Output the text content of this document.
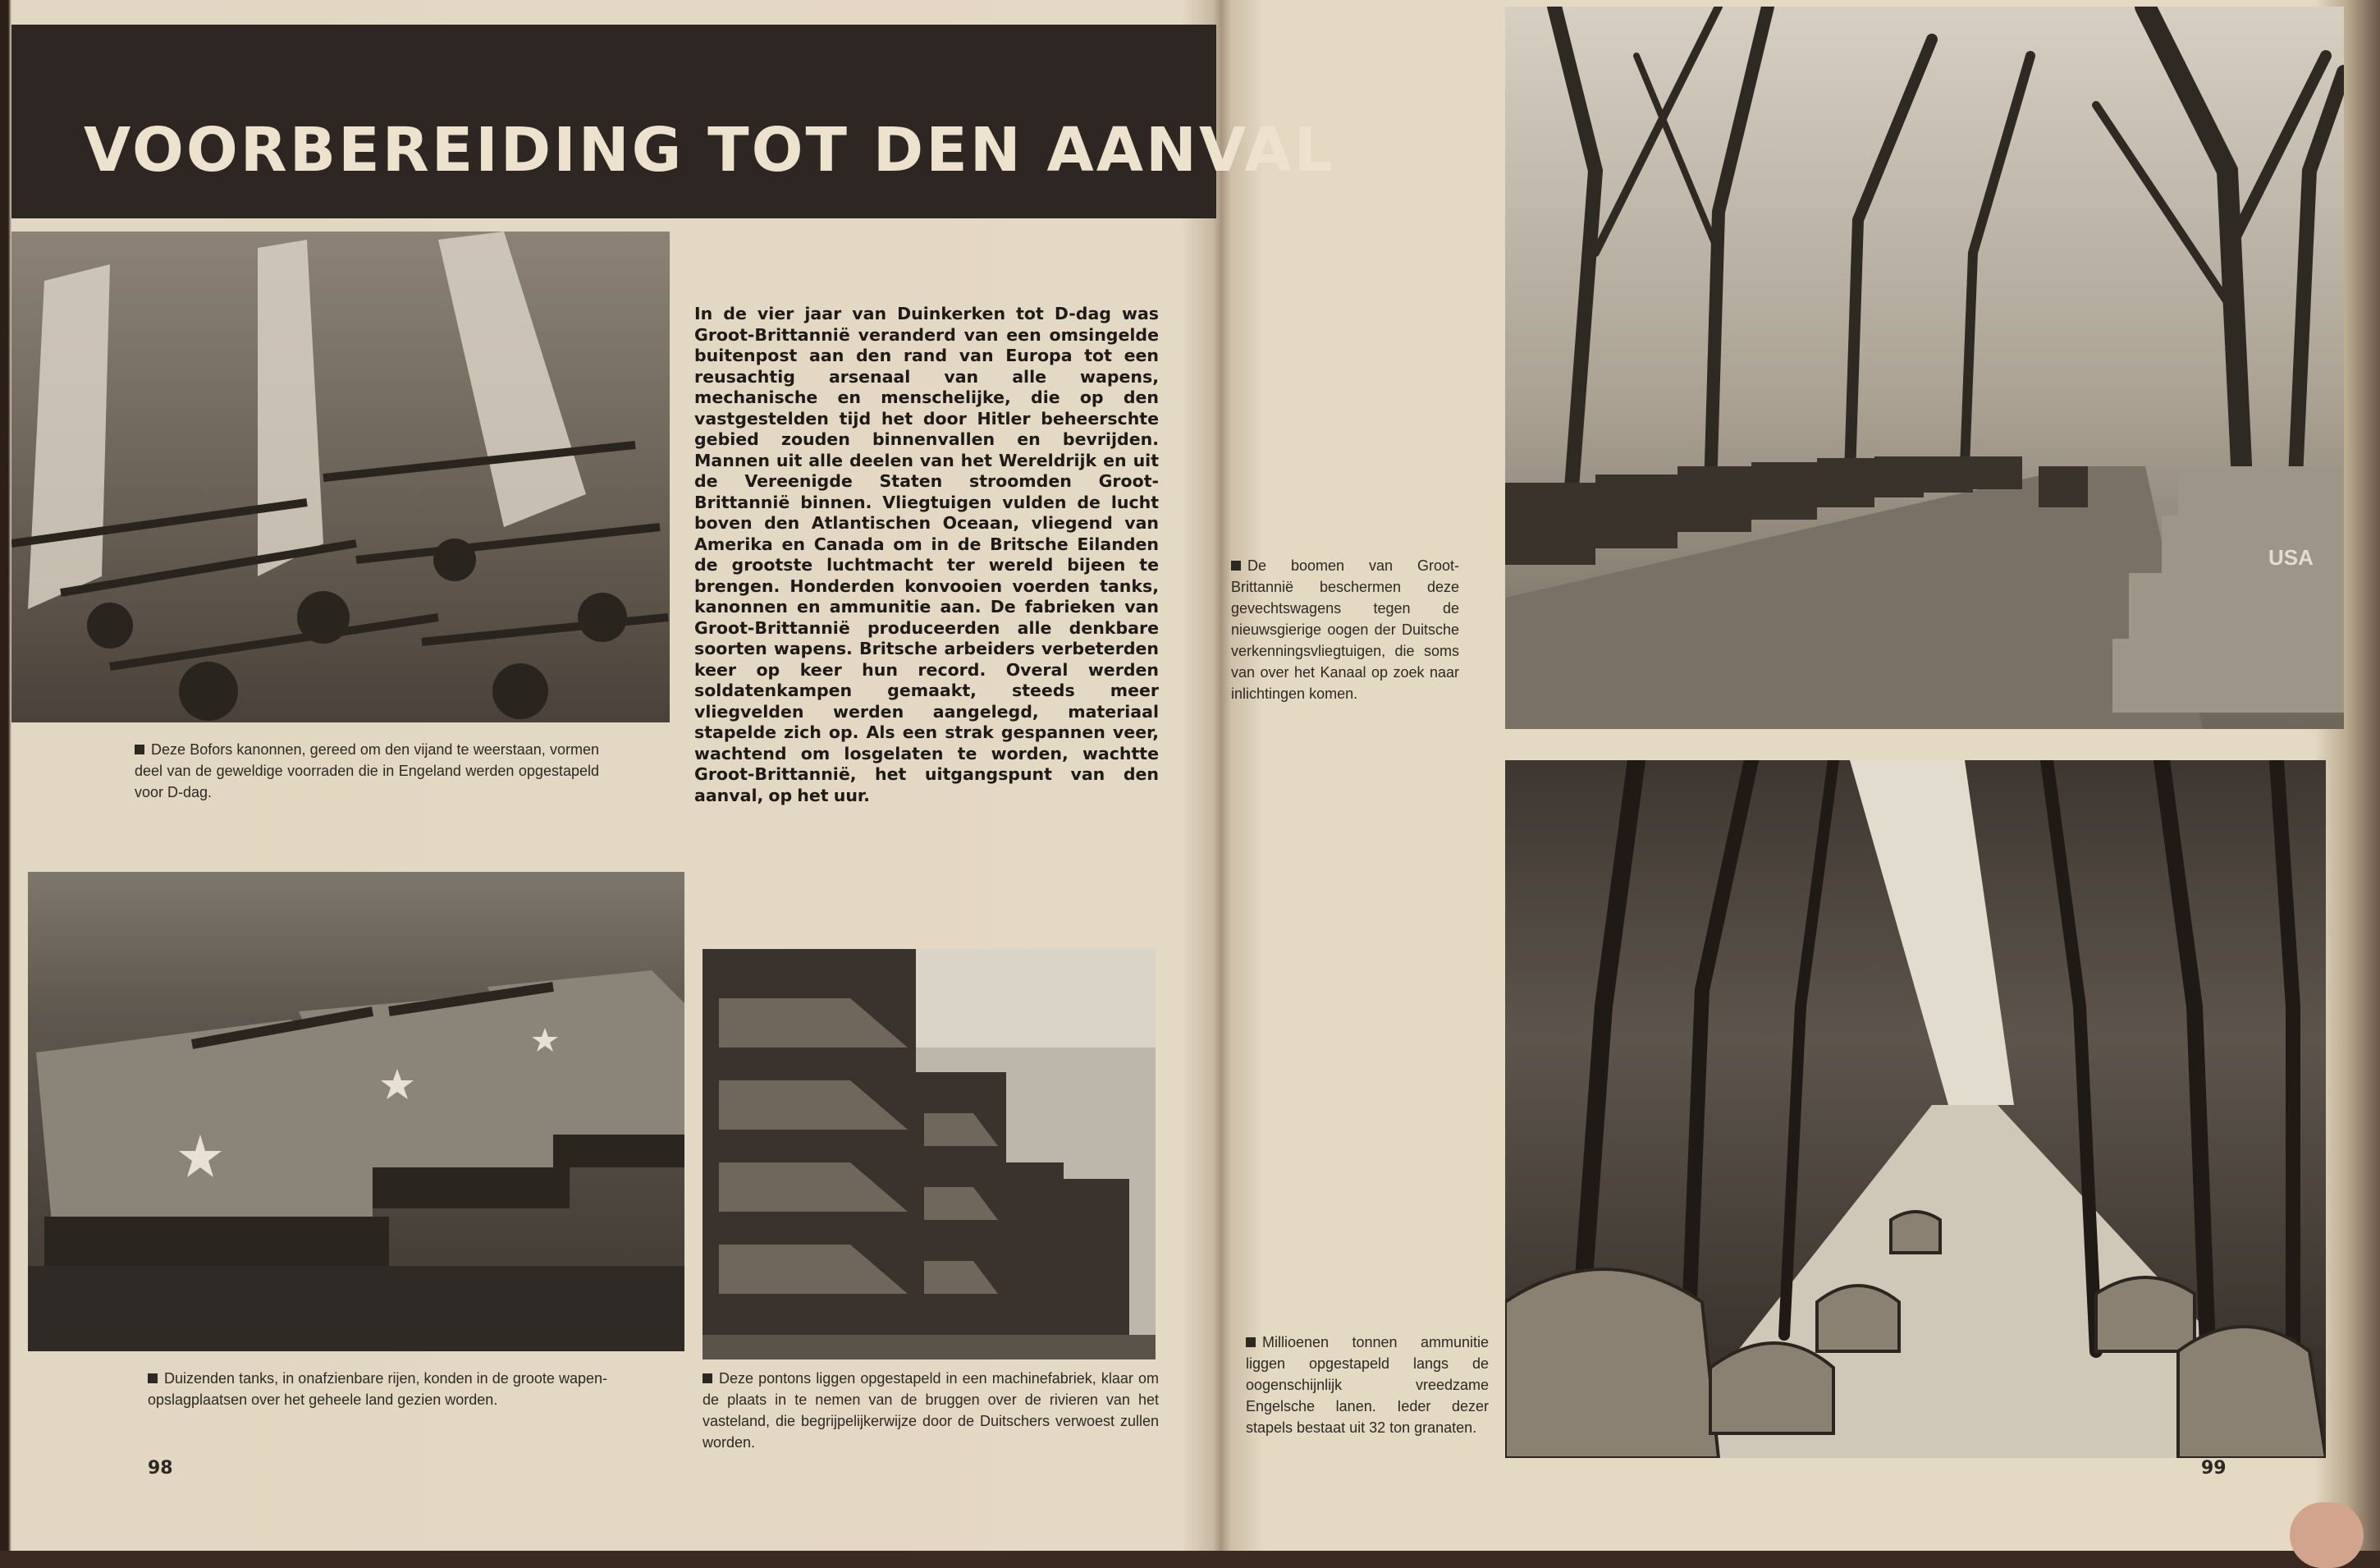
VOORBEREIDING TOT DEN AANVAL
Deze Bofors kanonnen, gereed om den vijand te weerstaan, vormen deel van de geweldige voorraden die in Engeland werden opgestapeld voor D-dag.
Duizenden tanks, in onafzienbare rijen, konden in de groote wapen-opslagplaatsen over het geheele land gezien worden.
Deze pontons liggen opgestapeld in een machinefabriek, klaar om de plaats in te nemen van de bruggen over de rivieren van het vasteland, die begrijpelijkerwijze door de Duitschers verwoest zullen worden.
In de vier jaar van Duinkerken tot D-dag was Groot-Brittannië veranderd van een omsingelde buitenpost aan den rand van Europa tot een reusachtig arsenaal van alle wapens, mechanische en menschelijke, die op den vastgestelden tijd het door Hitler beheerschte gebied zouden binnenvallen en bevrijden. Mannen uit alle deelen van het Wereldrijk en uit de Vereenigde Staten stroomden Groot-Brittannië binnen. Vliegtuigen vulden de lucht boven den Atlantischen Oceaan, vliegend van Amerika en Canada om in de Britsche Eilanden de grootste luchtmacht ter wereld bijeen te brengen. Honderden konvooien voerden tanks, kanonnen en ammunitie aan. De fabrieken van Groot-Brittannië produceerden alle denkbare soorten wapens. Britsche arbeiders verbeterden keer op keer hun record. Overal werden soldatenkampen gemaakt, steeds meer vliegvelden werden aangelegd, materiaal stapelde zich op. Als een strak gespannen veer, wachtend om losgelaten te worden, wachtte Groot-Brittannië, het uitgangspunt van den aanval, op het uur.
98
USA
De boomen van Groot-Brittannië beschermen deze gevechtswagens tegen de nieuwsgierige oogen der Duitsche verkenningsvliegtuigen, die soms van over het Kanaal op zoek naar inlichtingen komen.
Millioenen tonnen ammunitie liggen opgestapeld langs de oogenschijnlijk vreedzame Engelsche lanen. Ieder dezer stapels bestaat uit 32 ton granaten.
99
